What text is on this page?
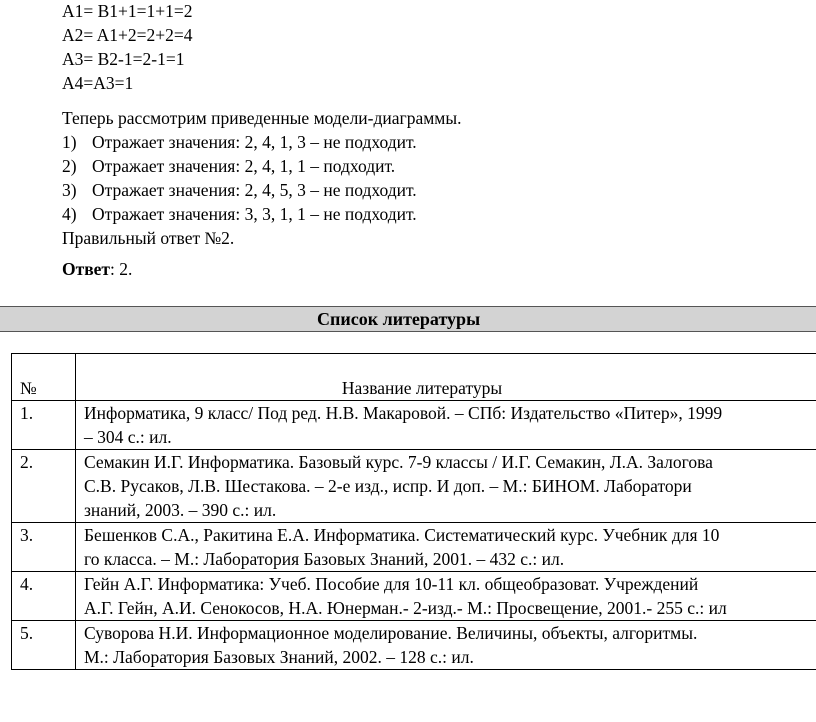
A1= B1+1=1+1=2
A2= A1+2=2+2=4
A3= B2-1=2-1=1
A4=A3=1
Теперь рассмотрим приведенные модели-диаграммы.
1) Отражает значения: 2, 4, 1, 3 – не подходит.
2) Отражает значения: 2, 4, 1, 1 – подходит.
3) Отражает значения: 2, 4, 5, 3 – не подходит.
4) Отражает значения: 3, 3, 1, 1 – не подходит.
Правильный ответ №2.
Ответ: 2.
Список литературы
№	Название литературы
1.	Информатика, 9 класс/ Под ред. Н.В. Макаровой. – СПб: Издательство «Питер», 1999
– 304 с.: ил.

2.	Семакин И.Г. Информатика. Базовый курс. 7-9 классы / И.Г. Семакин, Л.А. Залогова
С.В. Русаков, Л.В. Шестакова. – 2-е изд., испр. И доп. – М.: БИНОМ. Лаборатори
знаний, 2003. – 390 с.: ил.

3.	Бешенков С.А., Ракитина Е.А. Информатика. Систематический курс. Учебник для 10
го класса. – М.: Лаборатория Базовых Знаний, 2001. – 432 с.: ил.

4.	Гейн А.Г. Информатика: Учеб. Пособие для 10-11 кл. общеобразоват. Учреждений
А.Г. Гейн, А.И. Сенокосов, Н.А. Юнерман.- 2-изд.- М.: Просвещение, 2001.- 255 с.: ил

5.	Суворова Н.И. Информационное моделирование. Величины, объекты, алгоритмы.
М.: Лаборатория Базовых Знаний, 2002. – 128 с.: ил.
